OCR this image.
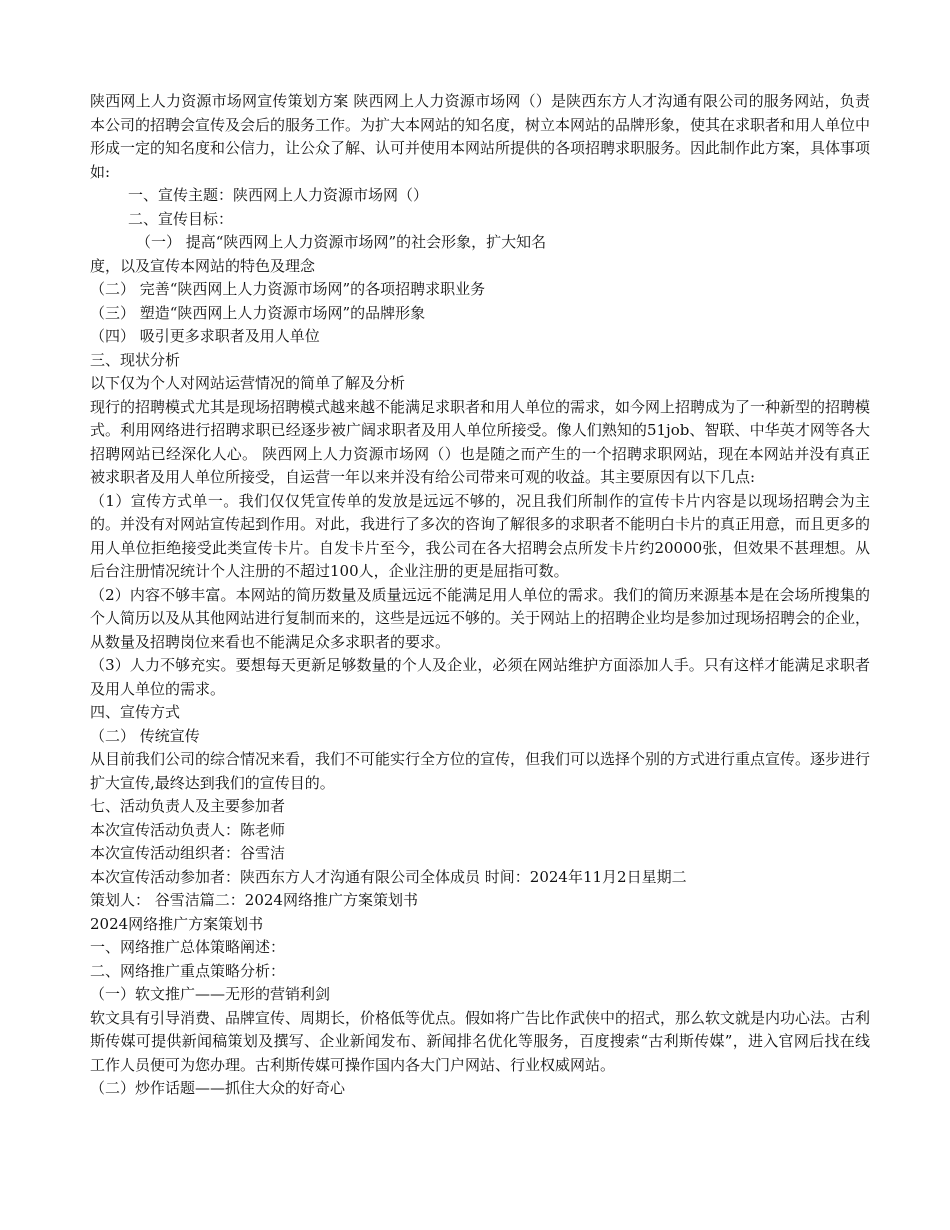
陕西网上人力资源市场网宣传策划方案 陕西网上人力资源市场网（）是陕西东方人才沟通有限公司的服务网站，负责本公司的招聘会宣传及会后的服务工作。为扩大本网站的知名度，树立本网站的品牌形象，使其在求职者和用人单位中形成一定的知名度和公信力，让公众了解、认可并使用本网站所提供的各项招聘求职服务。因此制作此方案，具体事项如:
一、宣传主题：陕西网上人力资源市场网（）
二、宣传目标：
（一） 提高“陕西网上人力资源市场网”的社会形象，扩大知名
度，以及宣传本网站的特色及理念
（二） 完善“陕西网上人力资源市场网”的各项招聘求职业务
（三） 塑造“陕西网上人力资源市场网”的品牌形象
（四） 吸引更多求职者及用人单位
三、现状分析
以下仅为个人对网站运营情况的简单了解及分析
现行的招聘模式尤其是现场招聘模式越来越不能满足求职者和用人单位的需求，如今网上招聘成为了一种新型的招聘模式。利用网络进行招聘求职已经逐步被广阔求职者及用人单位所接受。像人们熟知的51job、智联、中华英才网等各大招聘网站已经深化人心。 陕西网上人力资源市场网（）也是随之而产生的一个招聘求职网站，现在本网站并没有真正被求职者及用人单位所接受，自运营一年以来并没有给公司带来可观的收益。其主要原因有以下几点:
（1）宣传方式单一。我们仅仅凭宣传单的发放是远远不够的，况且我们所制作的宣传卡片内容是以现场招聘会为主的。并没有对网站宣传起到作用。对此，我进行了多次的咨询了解很多的求职者不能明白卡片的真正用意，而且更多的用人单位拒绝接受此类宣传卡片。自发卡片至今，我公司在各大招聘会点所发卡片约20000张，但效果不甚理想。从后台注册情况统计个人注册的不超过100人，企业注册的更是屈指可数。
（2）内容不够丰富。本网站的简历数量及质量远远不能满足用人单位的需求。我们的简历来源基本是在会场所搜集的个人简历以及从其他网站进行复制而来的，这些是远远不够的。关于网站上的招聘企业均是参加过现场招聘会的企业，从数量及招聘岗位来看也不能满足众多求职者的要求。
（3）人力不够充实。要想每天更新足够数量的个人及企业，必须在网站维护方面添加人手。只有这样才能满足求职者及用人单位的需求。
四、宣传方式
（二） 传统宣传
从目前我们公司的综合情况来看，我们不可能实行全方位的宣传，但我们可以选择个别的方式进行重点宣传。逐步进行扩大宣传,最终达到我们的宣传目的。
七、活动负责人及主要参加者
本次宣传活动负责人：陈老师
本次宣传活动组织者：谷雪洁
本次宣传活动参加者：陕西东方人才沟通有限公司全体成员 时间：2024年11月2日星期二
策划人： 谷雪洁篇二：2024网络推广方案策划书
2024网络推广方案策划书
一、网络推广总体策略阐述：
二、网络推广重点策略分析：
（一）软文推广——无形的营销利剑
软文具有引导消费、品牌宣传、周期长，价格低等优点。假如将广告比作武侠中的招式，那么软文就是内功心法。古利斯传媒可提供新闻稿策划及撰写、企业新闻发布、新闻排名优化等服务，百度搜索“古利斯传媒”，进入官网后找在线工作人员便可为您办理。古利斯传媒可操作国内各大门户网站、行业权威网站。
（二）炒作话题——抓住大众的好奇心
